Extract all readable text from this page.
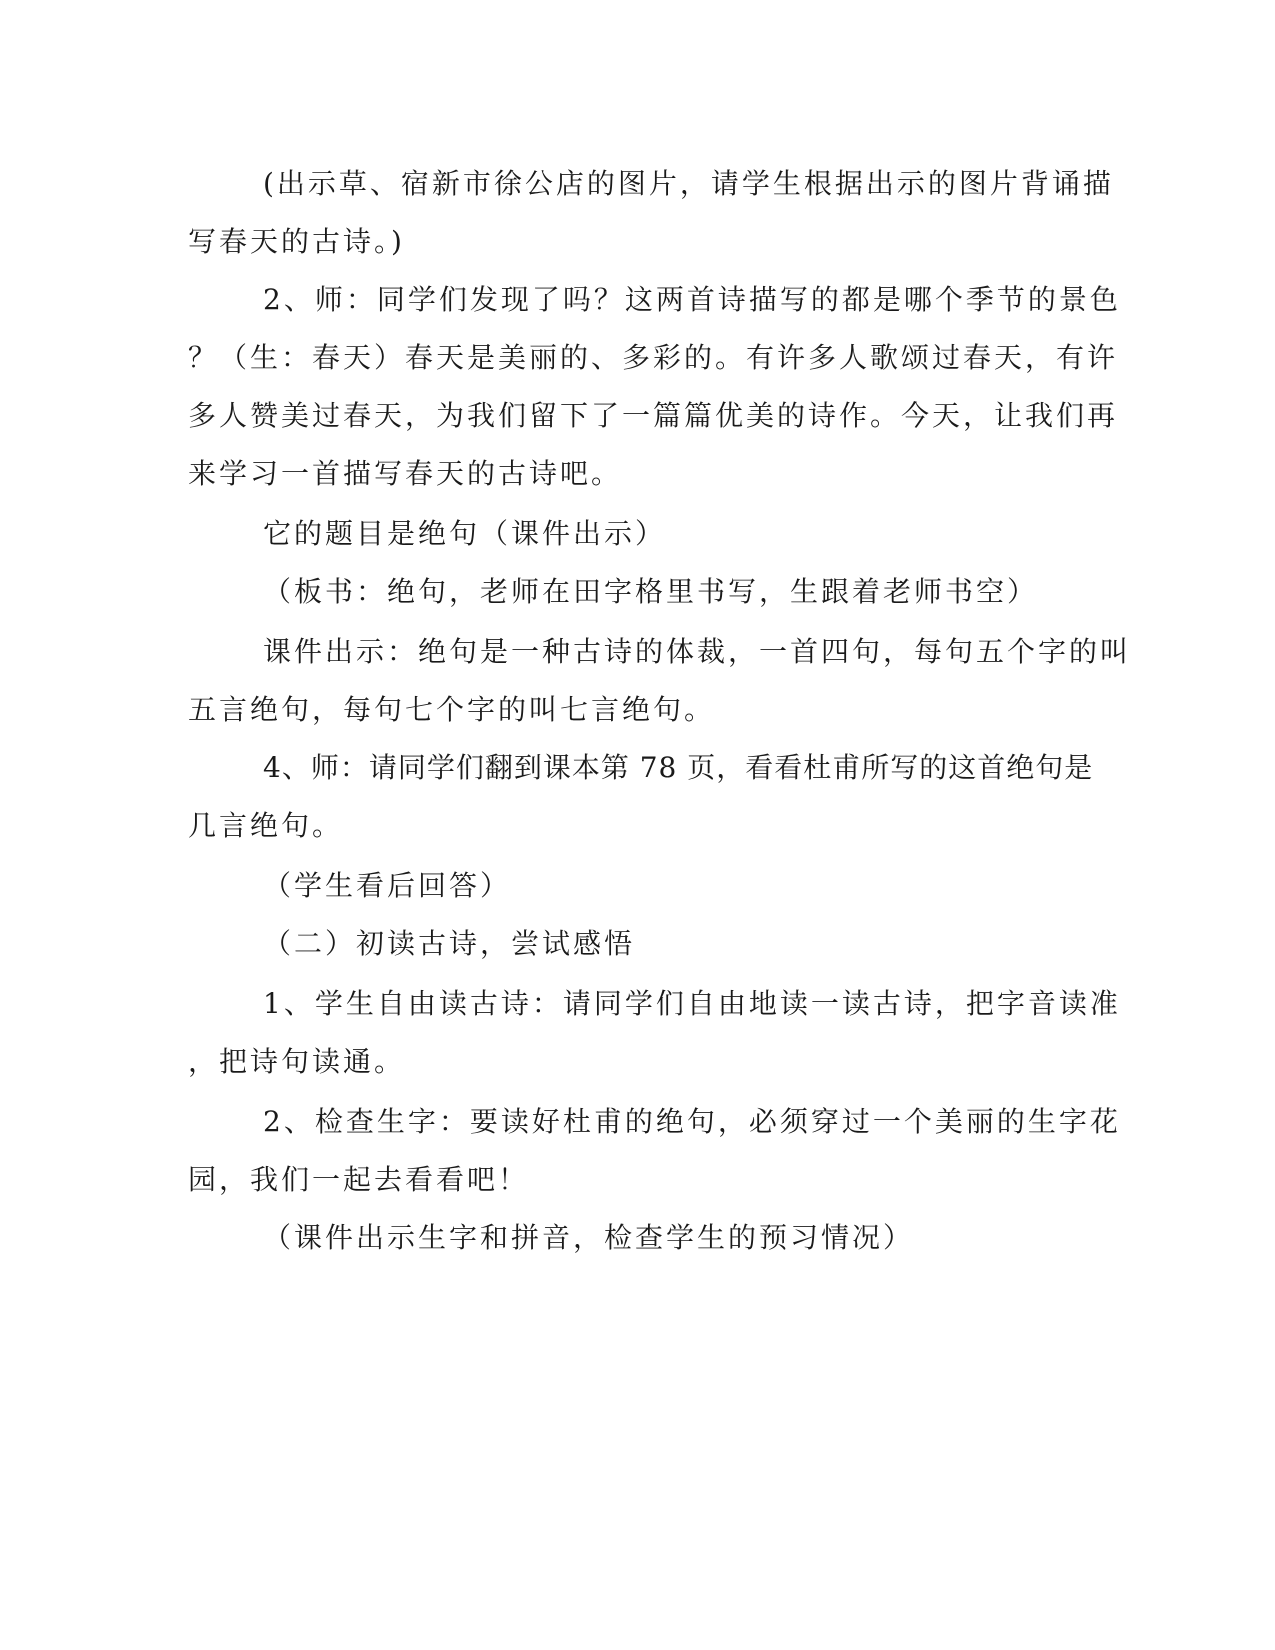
(出示草、宿新市徐公店的图片，请学生根据出示的图片背诵描
写春天的古诗。)
2、师：同学们发现了吗？这两首诗描写的都是哪个季节的景色
？（生：春天）春天是美丽的、多彩的。有许多人歌颂过春天，有许
多人赞美过春天，为我们留下了一篇篇优美的诗作。今天，让我们再
来学习一首描写春天的古诗吧。
它的题目是绝句（课件出示）
（板书：绝句，老师在田字格里书写，生跟着老师书空）
课件出示：绝句是一种古诗的体裁，一首四句，每句五个字的叫
五言绝句，每句七个字的叫七言绝句。
4、师：请同学们翻到课本第 78 页，看看杜甫所写的这首绝句是
几言绝句。
（学生看后回答）
（二）初读古诗，尝试感悟
1、学生自由读古诗：请同学们自由地读一读古诗，把字音读准
，把诗句读通。
2、检查生字：要读好杜甫的绝句，必须穿过一个美丽的生字花
园，我们一起去看看吧！
（课件出示生字和拼音，检查学生的预习情况）
